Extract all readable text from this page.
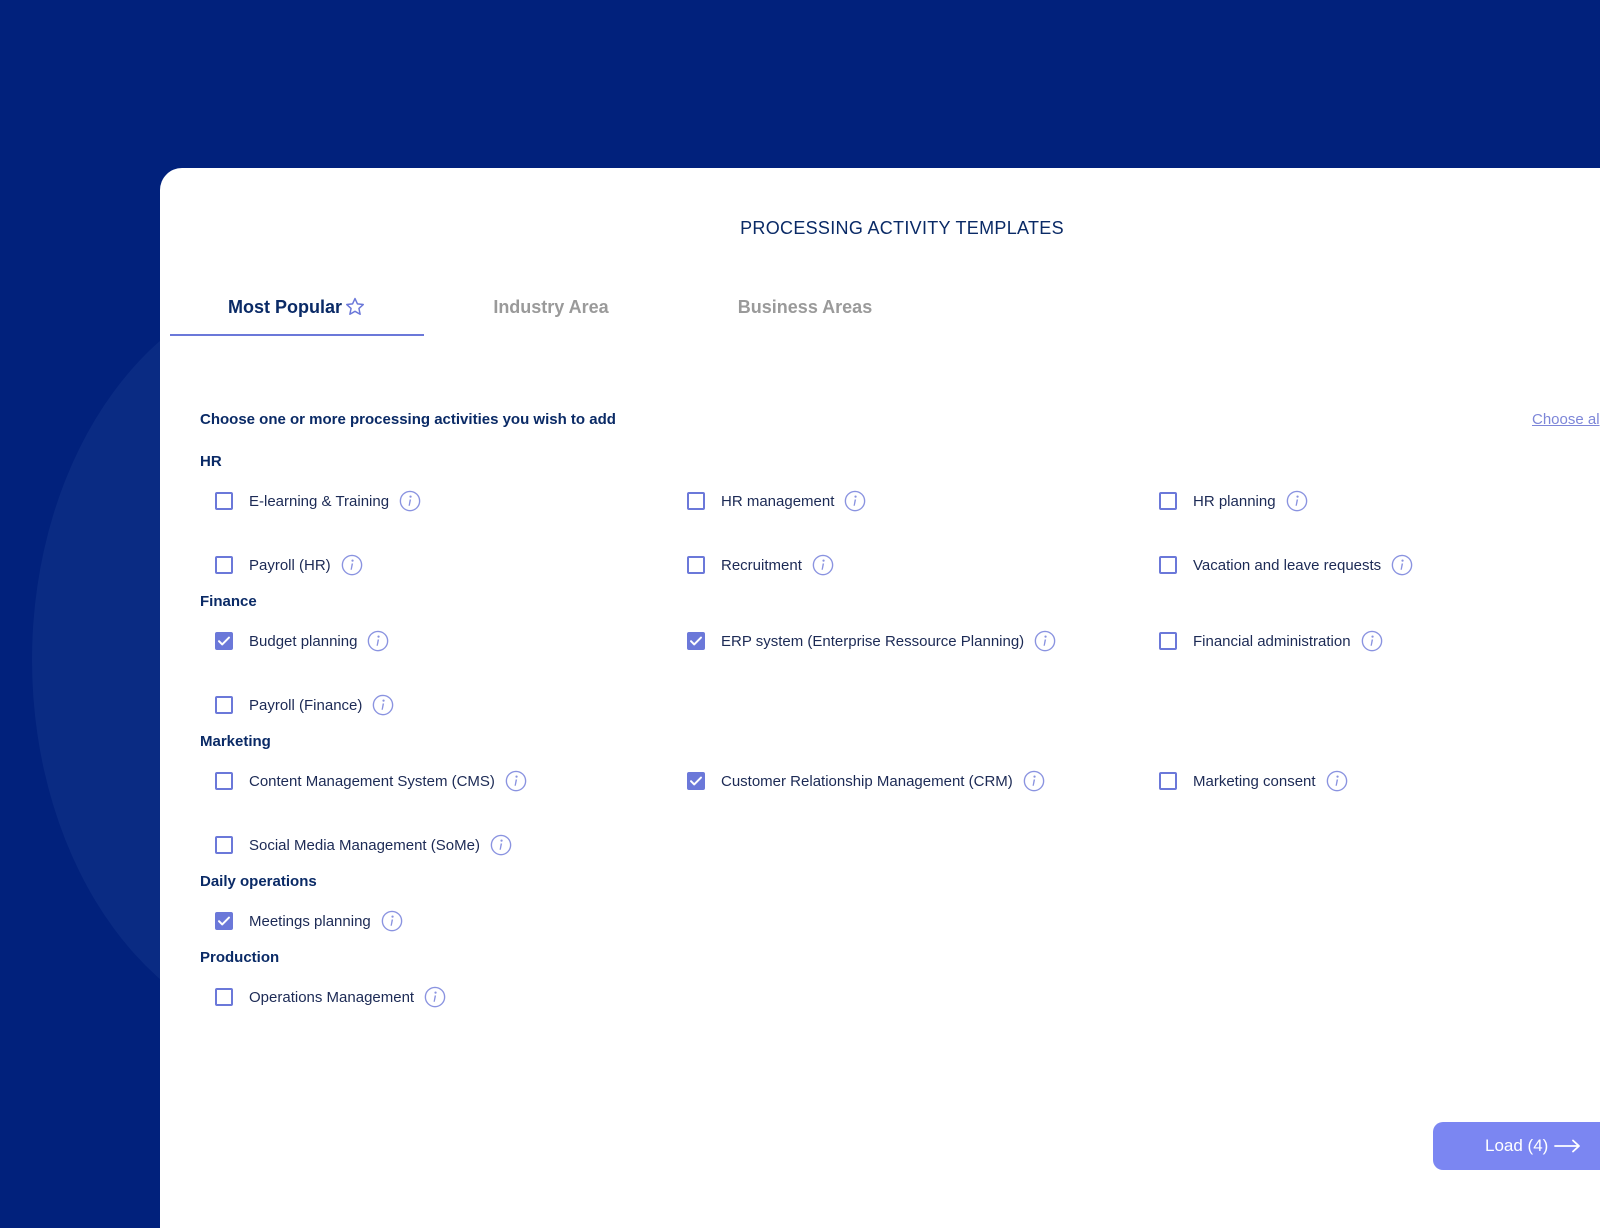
PROCESSING ACTIVITY TEMPLATES
Most Popular	Industry Area	Business Areas
Choose one or more processing activities you wish to add	Choose al
HR
E-learning & Training	HR management	HR planning
Payroll (HR)	Recruitment	Vacation and leave requests
Finance
Budget planning	ERP system (Enterprise Ressource Planning)	Financial administration
Payroll (Finance)
Marketing
Content Management System (CMS)	Customer Relationship Management (CRM)	Marketing consent
Social Media Management (SoMe)
Daily operations
Meetings planning
Production
Operations Management
Load (4)
